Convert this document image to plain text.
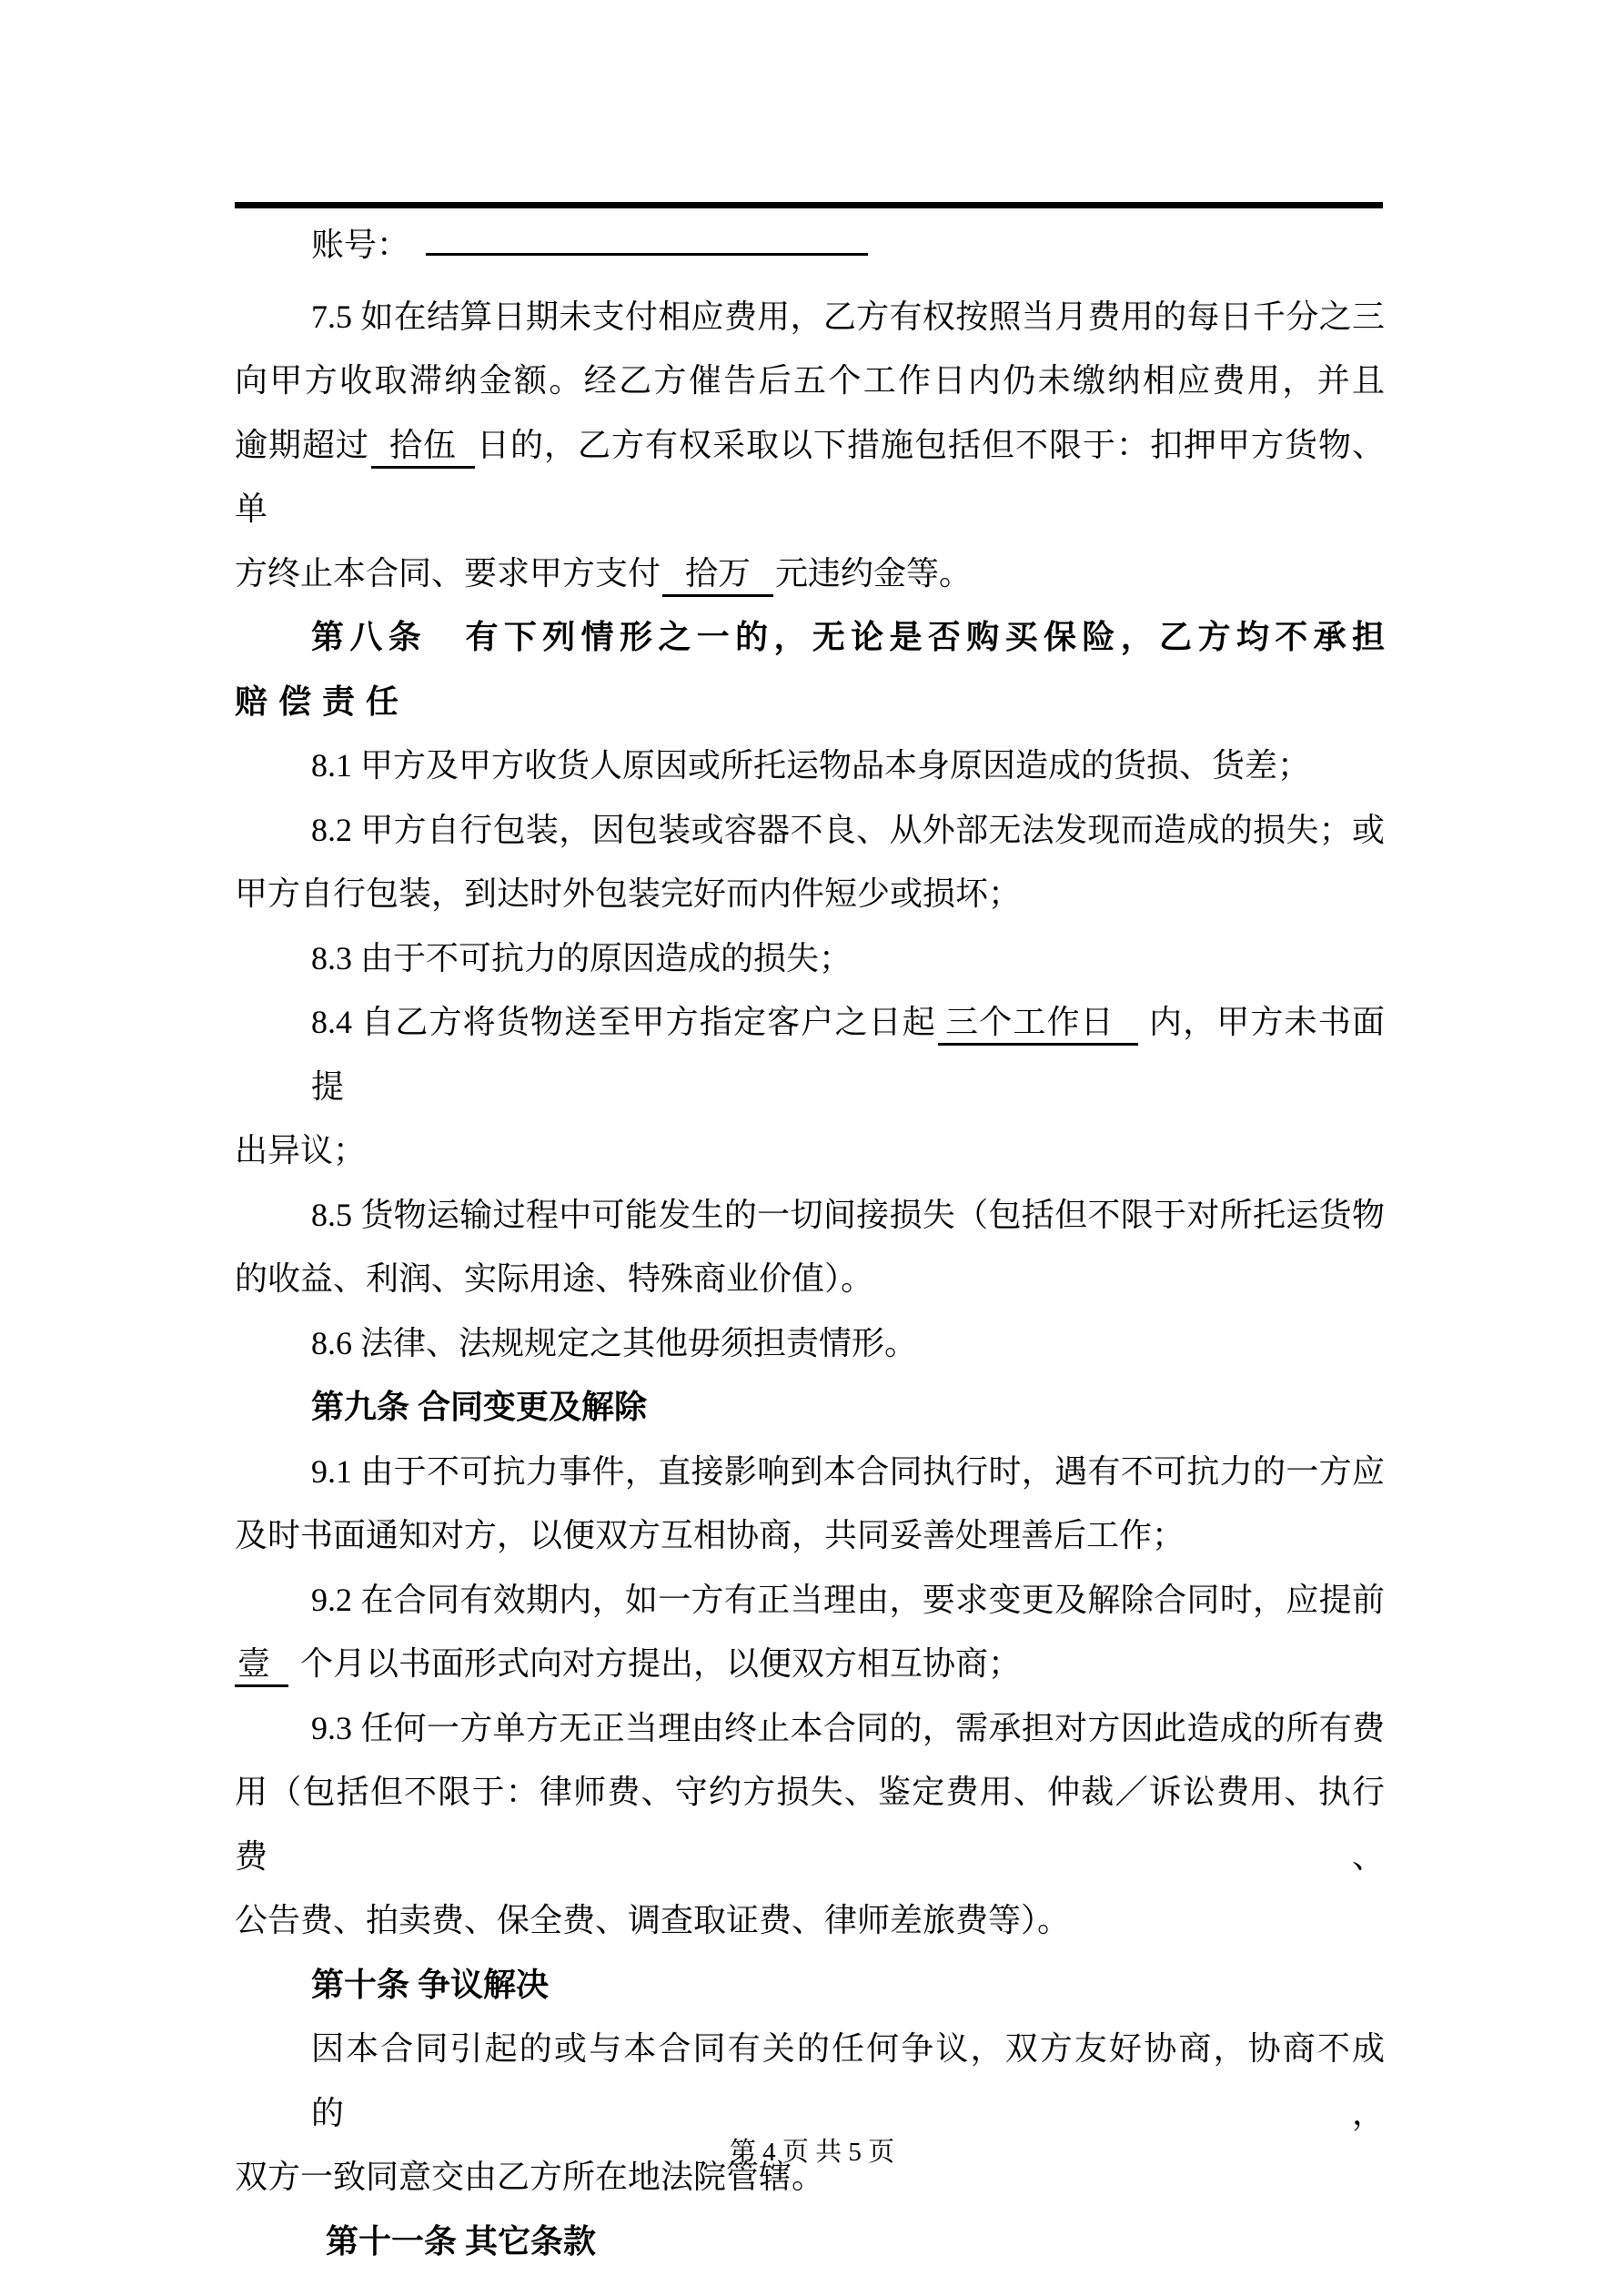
账号：
7.5 如在结算日期未支付相应费用，乙方有权按照当月费用的每日千分之三
向甲方收取滞纳金额。经乙方催告后五个工作日内仍未缴纳相应费用，并且
逾期超过 拾伍 日的，乙方有权采取以下措施包括但不限于：扣押甲方货物、单
方终止本合同、要求甲方支付 拾万 元违约金等。
第八条　有下列情形之一的，无论是否购买保险，乙方均不承担
赔偿责任
8.1 甲方及甲方收货人原因或所托运物品本身原因造成的货损、货差；
8.2 甲方自行包装，因包装或容器不良、从外部无法发现而造成的损失；或
甲方自行包装，到达时外包装完好而内件短少或损坏；
8.3 由于不可抗力的原因造成的损失；
8.4 自乙方将货物送至甲方指定客户之日起 三个工作日 内，甲方未书面提
出异议；
8.5 货物运输过程中可能发生的一切间接损失（包括但不限于对所托运货物
的收益、利润、实际用途、特殊商业价值）。
8.6 法律、法规规定之其他毋须担责情形。
第九条 合同变更及解除
9.1 由于不可抗力事件，直接影响到本合同执行时，遇有不可抗力的一方应
及时书面通知对方，以便双方互相协商，共同妥善处理善后工作；
9.2 在合同有效期内，如一方有正当理由，要求变更及解除合同时，应提前
壹 个月以书面形式向对方提出，以便双方相互协商；
9.3 任何一方单方无正当理由终止本合同的，需承担对方因此造成的所有费
用（包括但不限于：律师费、守约方损失、鉴定费用、仲裁／诉讼费用、执行费、
公告费、拍卖费、保全费、调查取证费、律师差旅费等）。
第十条 争议解决
因本合同引起的或与本合同有关的任何争议，双方友好协商，协商不成的，
双方一致同意交由乙方所在地法院管辖。
第十一条 其它条款
第 4 页 共 5 页
